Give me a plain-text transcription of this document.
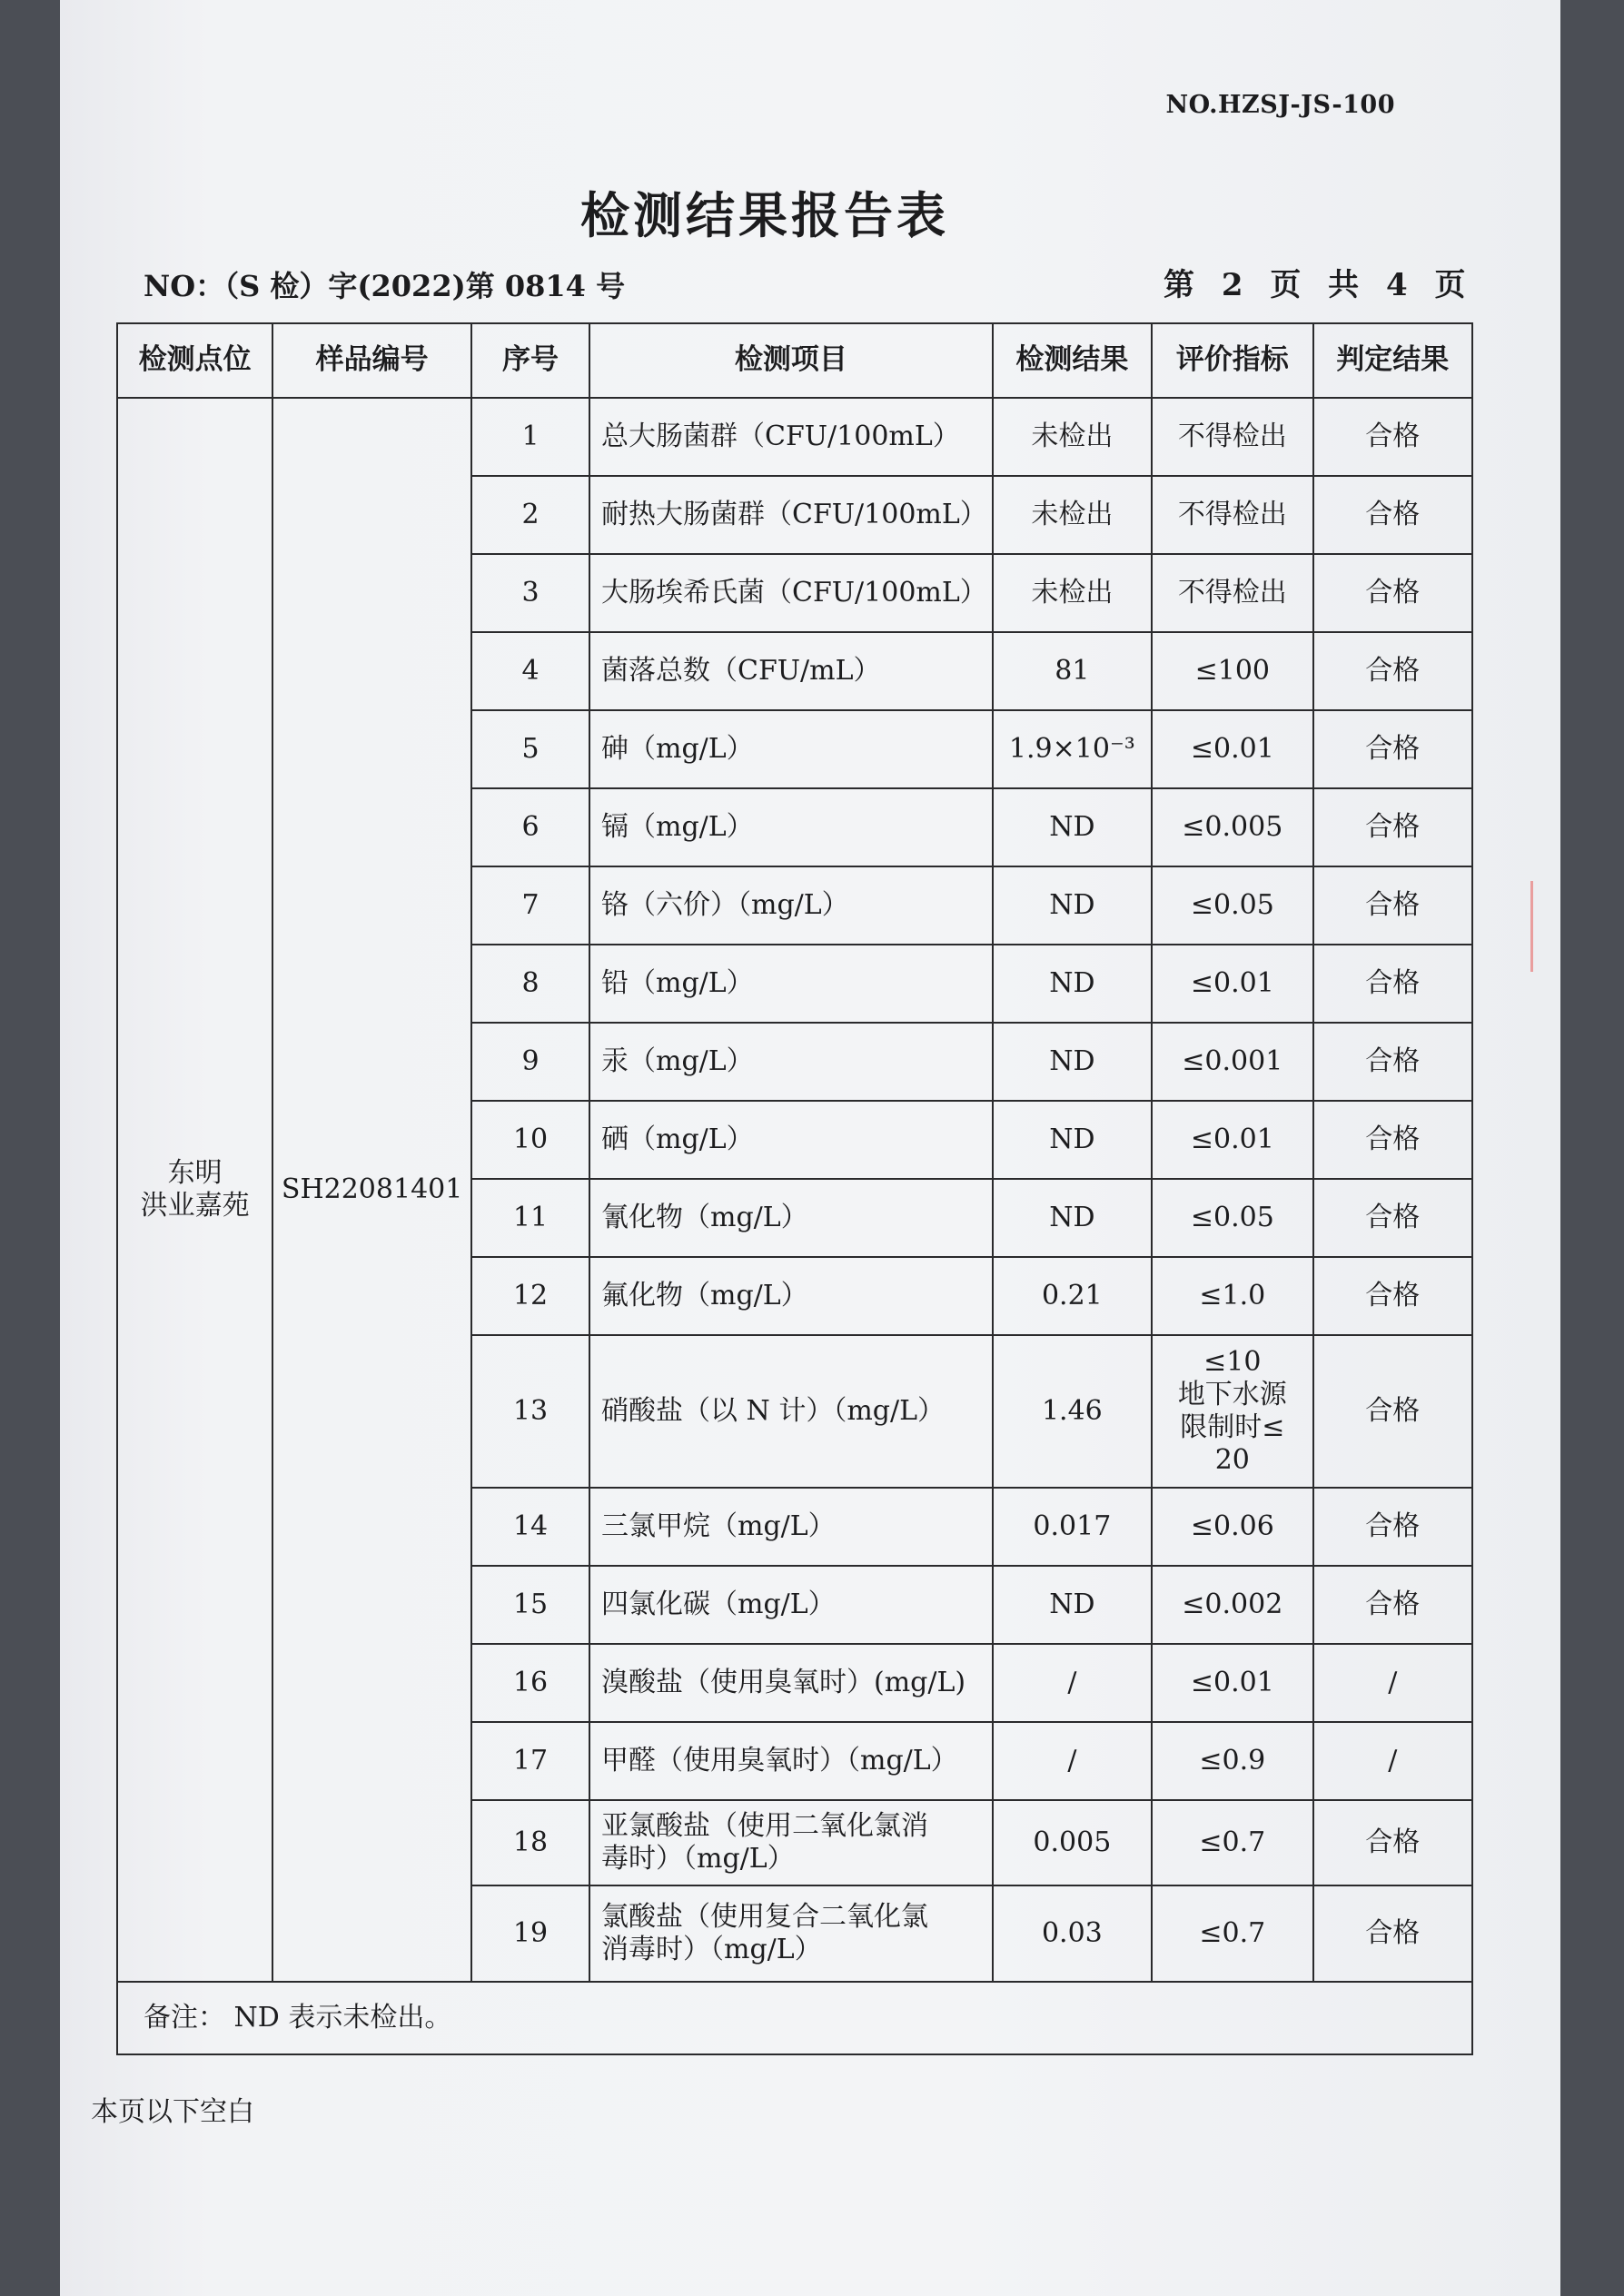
NO.HZSJ-JS-100
检测结果报告表
NO：（S 检）字(2022)第 0814 号	第 2 页 共 4 页
检测点位	样品编号	序号	检测项目	检测结果	评价指标	判定结果
东明
洪业嘉苑	SH22081401	1	总大肠菌群（CFU/100mL）	未检出	不得检出	合格
		2	耐热大肠菌群（CFU/100mL）	未检出	不得检出	合格
		3	大肠埃希氏菌（CFU/100mL）	未检出	不得检出	合格
		4	菌落总数（CFU/mL）	81	≤100	合格
		5	砷（mg/L）	1.9×10⁻³	≤0.01	合格
		6	镉（mg/L）	ND	≤0.005	合格
		7	铬（六价）（mg/L）	ND	≤0.05	合格
		8	铅（mg/L）	ND	≤0.01	合格
		9	汞（mg/L）	ND	≤0.001	合格
		10	硒（mg/L）	ND	≤0.01	合格
		11	氰化物（mg/L）	ND	≤0.05	合格
		12	氟化物（mg/L）	0.21	≤1.0	合格
		13	硝酸盐（以 N 计）（mg/L）	1.46	≤10
地下水源
限制时≤
20	合格
		14	三氯甲烷（mg/L）	0.017	≤0.06	合格
		15	四氯化碳（mg/L）	ND	≤0.002	合格
		16	溴酸盐（使用臭氧时）(mg/L)	/	≤0.01	/
		17	甲醛（使用臭氧时）（mg/L）	/	≤0.9	/
		18	亚氯酸盐（使用二氧化氯消
毒时）（mg/L）	0.005	≤0.7	合格
		19	氯酸盐（使用复合二氧化氯
消毒时）（mg/L）	0.03	≤0.7	合格
备注： ND 表示未检出。						
本页以下空白
